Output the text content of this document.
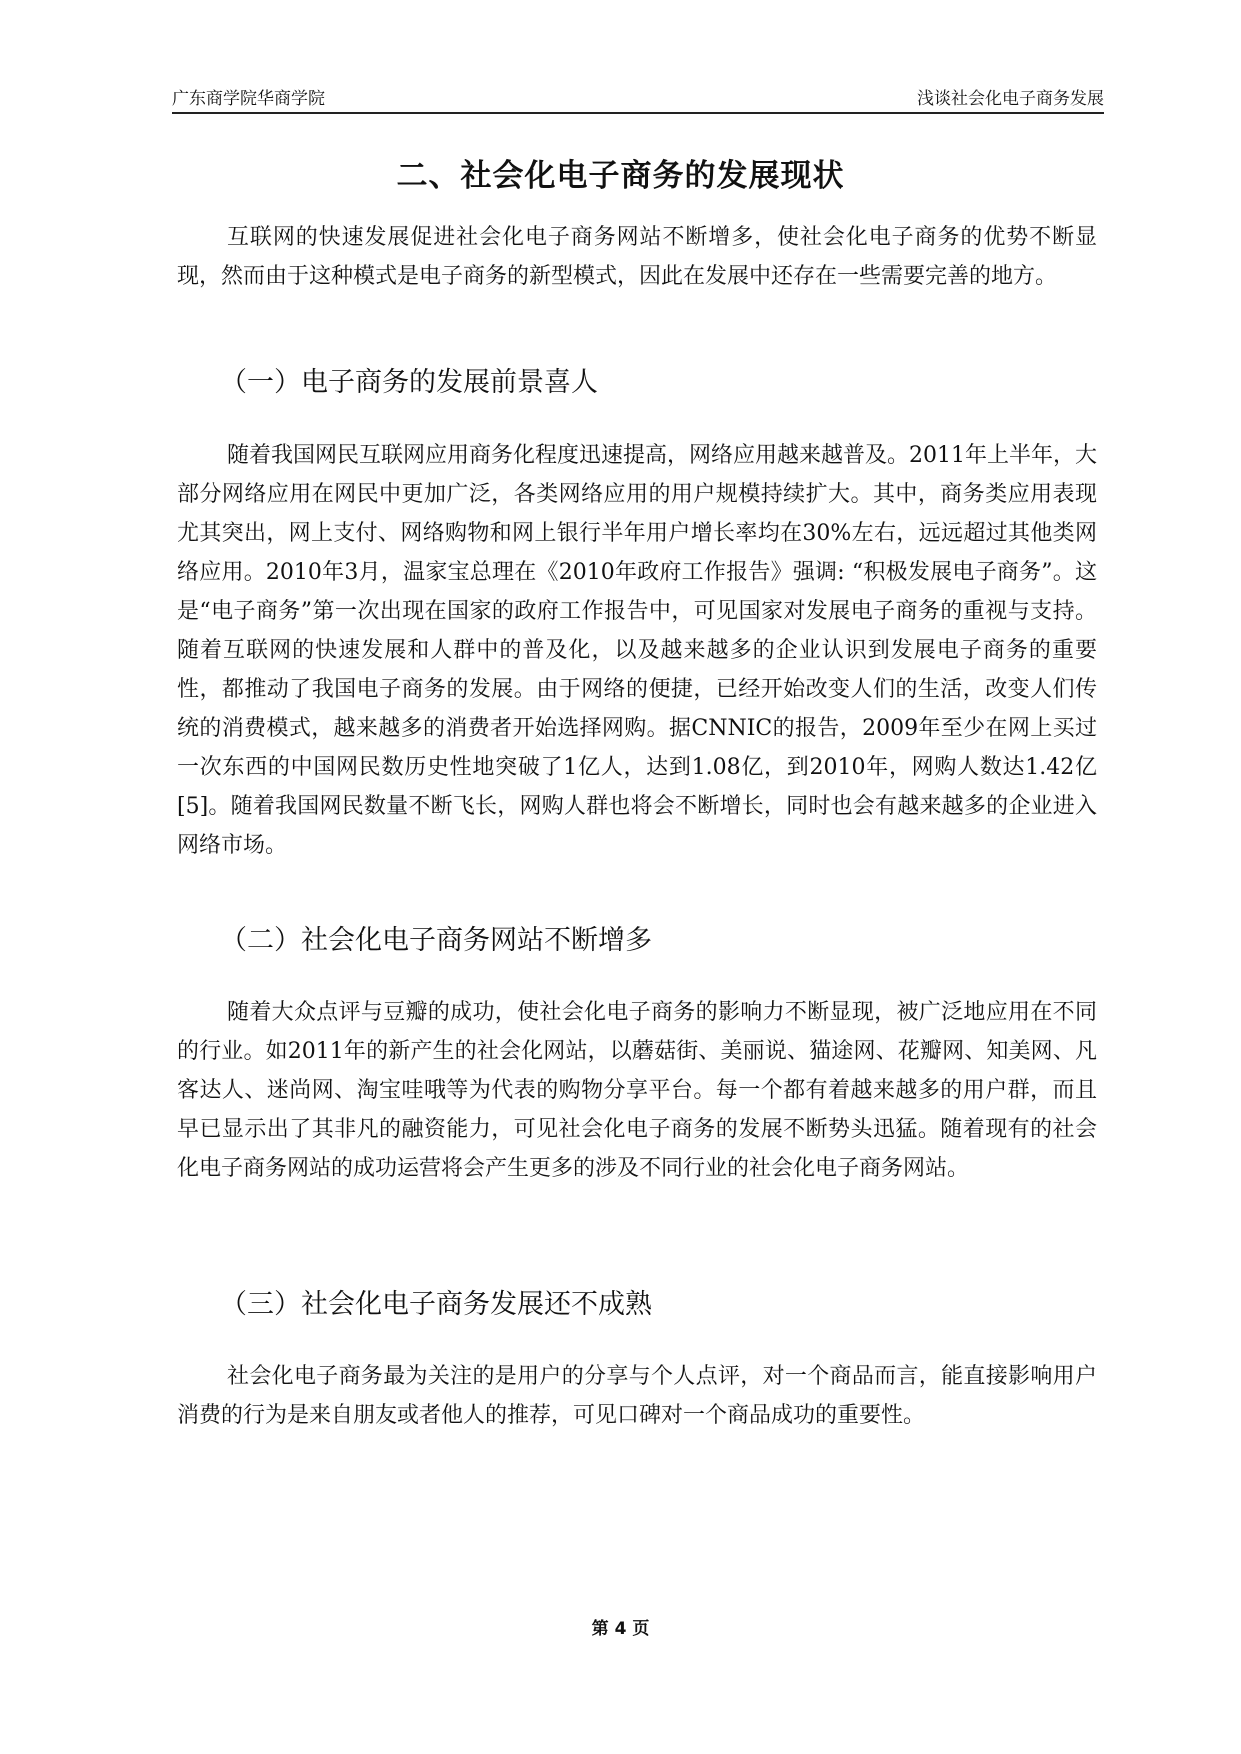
广东商学院华商学院	浅谈社会化电子商务发展
二、社会化电子商务的发展现状

互联网的快速发展促进社会化电子商务网站不断增多，使社会化电子商务的优势不断显现，然而由于这种模式是电子商务的新型模式，因此在发展中还存在一些需要完善的地方。

（一）电子商务的发展前景喜人

随着我国网民互联网应用商务化程度迅速提高，网络应用越来越普及。2011年上半年，大部分网络应用在网民中更加广泛，各类网络应用的用户规模持续扩大。其中，商务类应用表现尤其突出，网上支付、网络购物和网上银行半年用户增长率均在30%左右，远远超过其他类网络应用。2010年3月，温家宝总理在《2010年政府工作报告》强调: “积极发展电子商务”。这是“电子商务”第一次出现在国家的政府工作报告中，可见国家对发展电子商务的重视与支持。随着互联网的快速发展和人群中的普及化，以及越来越多的企业认识到发展电子商务的重要性，都推动了我国电子商务的发展。由于网络的便捷，已经开始改变人们的生活，改变人们传统的消费模式，越来越多的消费者开始选择网购。据CNNIC的报告，2009年至少在网上买过一次东西的中国网民数历史性地突破了1亿人，达到1.08亿，到2010年，网购人数达1.42亿[5]。随着我国网民数量不断飞长，网购人群也将会不断增长，同时也会有越来越多的企业进入网络市场。

（二）社会化电子商务网站不断增多

随着大众点评与豆瓣的成功，使社会化电子商务的影响力不断显现，被广泛地应用在不同的行业。如2011年的新产生的社会化网站，以蘑菇街、美丽说、猫途网、花瓣网、知美网、凡客达人、迷尚网、淘宝哇哦等为代表的购物分享平台。每一个都有着越来越多的用户群，而且早已显示出了其非凡的融资能力，可见社会化电子商务的发展不断势头迅猛。随着现有的社会化电子商务网站的成功运营将会产生更多的涉及不同行业的社会化电子商务网站。

（三）社会化电子商务发展还不成熟

社会化电子商务最为关注的是用户的分享与个人点评，对一个商品而言，能直接影响用户消费的行为是来自朋友或者他人的推荐，可见口碑对一个商品成功的重要性。

第 4 页
